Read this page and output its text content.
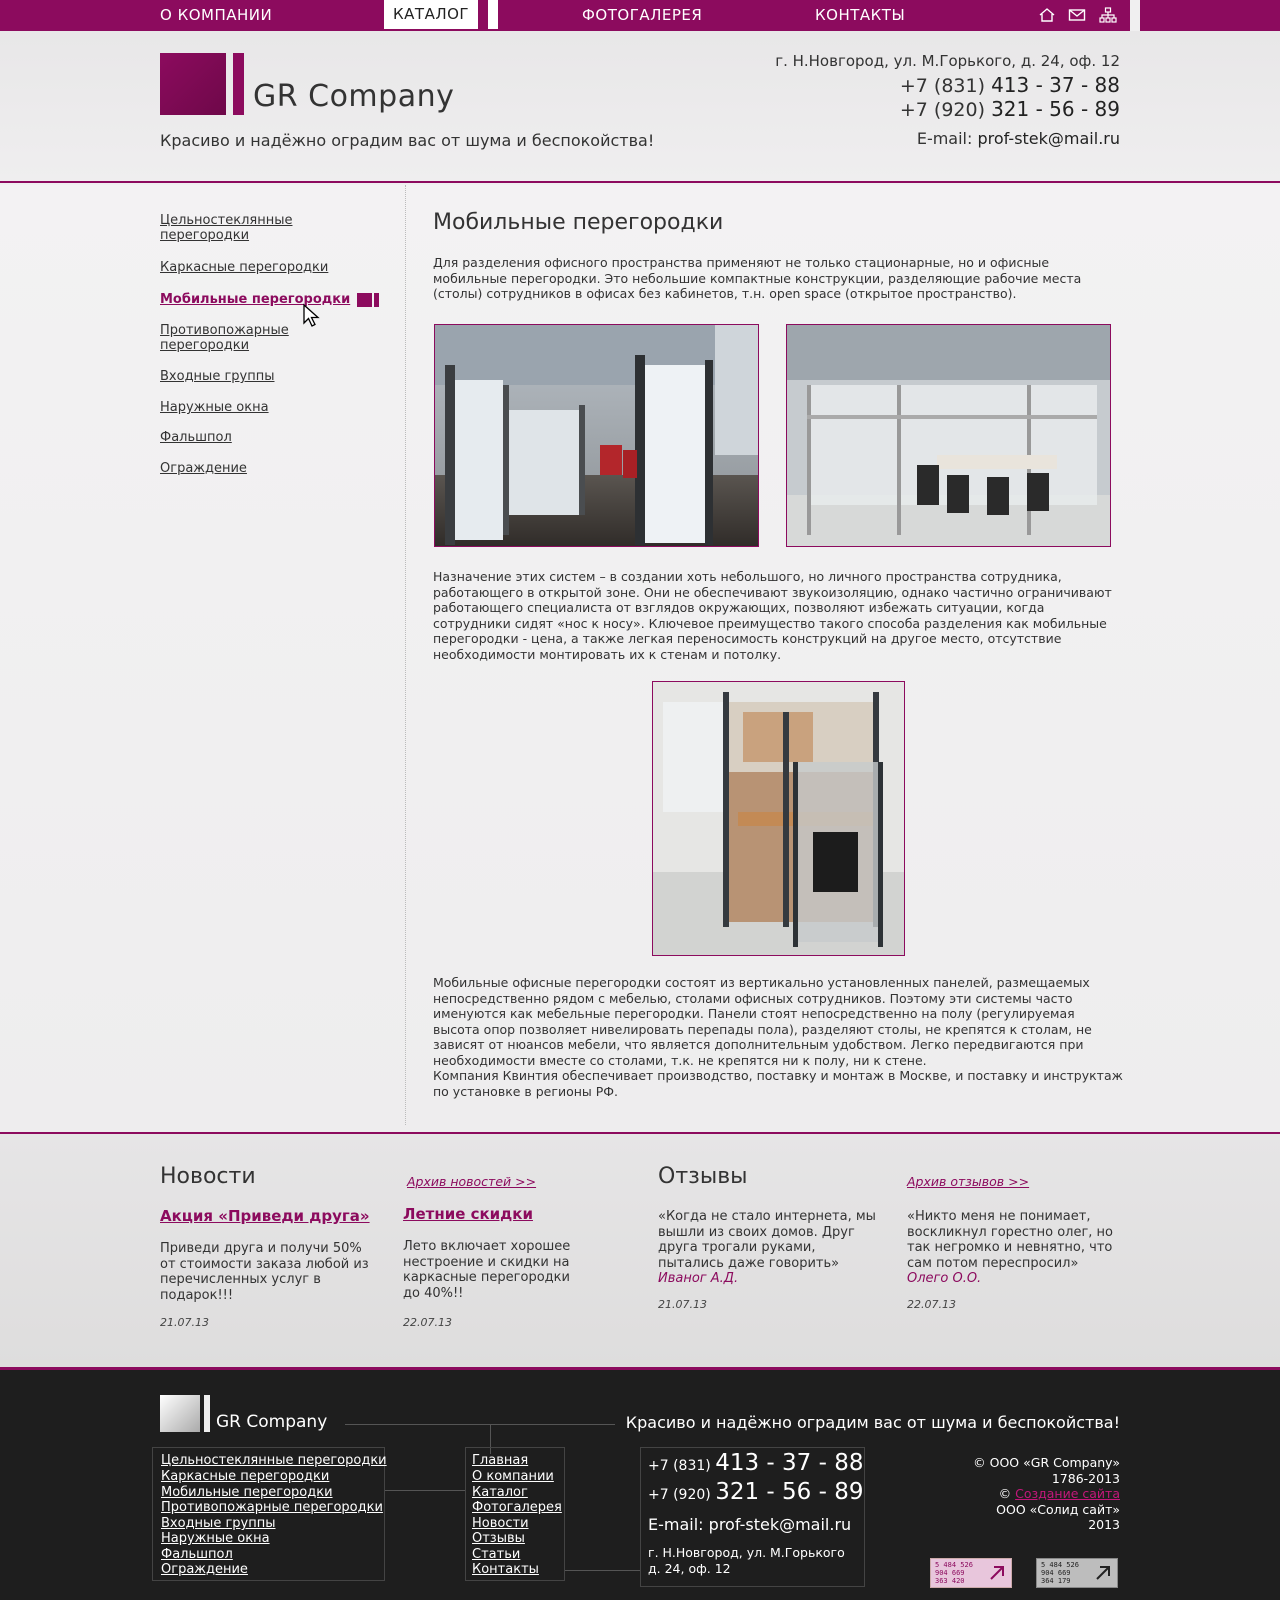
О КОМПАНИИ	КАТАЛОГ	ФОТОГАЛЕРЕЯ	КОНТАКТЫ
GR Company
Красиво и надёжно оградим вас от шума и беспокойства!
г. Н.Новгород, ул. М.Горького, д. 24, оф. 12
+7 (831) 413 - 37 - 88
+7 (920) 321 - 56 - 89
E-mail: prof-stek@mail.ru
Цельностеклянные перегородки
Каркасные перегородки
Мобильные перегородки
Противопожарные перегородки
Входные группы
Наружные окна
Фальшпол
Ограждение
Мобильные перегородки

Для разделения офисного пространства применяют не только стационарные, но и офисные мобильные перегородки. Это небольшие компактные конструкции, разделяющие рабочие места (столы) сотрудников в офисах без кабинетов, т.н. open space (открытое пространство).

Назначение этих систем – в создании хоть небольшого, но личного пространства сотрудника, работающего в открытой зоне. Они не обеспечивают звукоизоляцию, однако частично ограничивают работающего специалиста от взглядов окружающих, позволяют избежать ситуации, когда сотрудники сидят «нос к носу». Ключевое преимущество такого способа разделения как мобильные перегородки - цена, а также легкая переносимость конструкций на другое место, отсутствие необходимости монтировать их к стенам и потолку.

Мобильные офисные перегородки состоят из вертикально установленных панелей, размещаемых непосредственно рядом с мебелью, столами офисных сотрудников. Поэтому эти системы часто именуются как мебельные перегородки. Панели стоят непосредственно на полу (регулируемая высота опор позволяет нивелировать перепады пола), разделяют столы, не крепятся к столам, не зависят от нюансов мебели, что является дополнительным удобством. Легко передвигаются при необходимости вместе со столами, т.к. не крепятся ни к полу, ни к стене.

Компания Квинтия обеспечивает производство, поставку и монтаж в Москве, и поставку и инструктаж по установке в регионы РФ.

Новости	Архив новостей >>
Акция «Приведи друга»
Приведи друга и получи 50% от стоимости заказа любой из перечисленных услуг в подарок!!!
21.07.13
Летние скидки
Лето включает хорошее нестроение и скидки на каркасные перегородки до 40%!!
22.07.13
Отзывы	Архив отзывов >>
«Когда не стало интернета, мы вышли из своих домов. Друг друга трогали руками, пытались даже говорить»
Иваног А.Д.
21.07.13
«Никто меня не понимает, воскликнул горестно олег, но так негромко и невнятно, что сам потом переспросил»
Олего О.О.
22.07.13
GR Company	Красиво и надёжно оградим вас от шума и беспокойства!
Цельностеклянные перегородки
Каркасные перегородки
Мобильные перегородки
Противопожарные перегородки
Входные группы
Наружные окна
Фальшпол
Ограждение
Главная
О компании
Каталог
Фотогалерея
Новости
Отзывы
Статьи
Контакты
+7 (831) 413 - 37 - 88
+7 (920) 321 - 56 - 89
E-mail: prof-stek@mail.ru
г. Н.Новгород, ул. М.Горького д. 24, оф. 12
© ООО «GR Company»
1786-2013
© Создание сайта
ООО «Солид сайт»
2013
5 484 526
904 669
363 420
5 484 526
904 669
364 179
